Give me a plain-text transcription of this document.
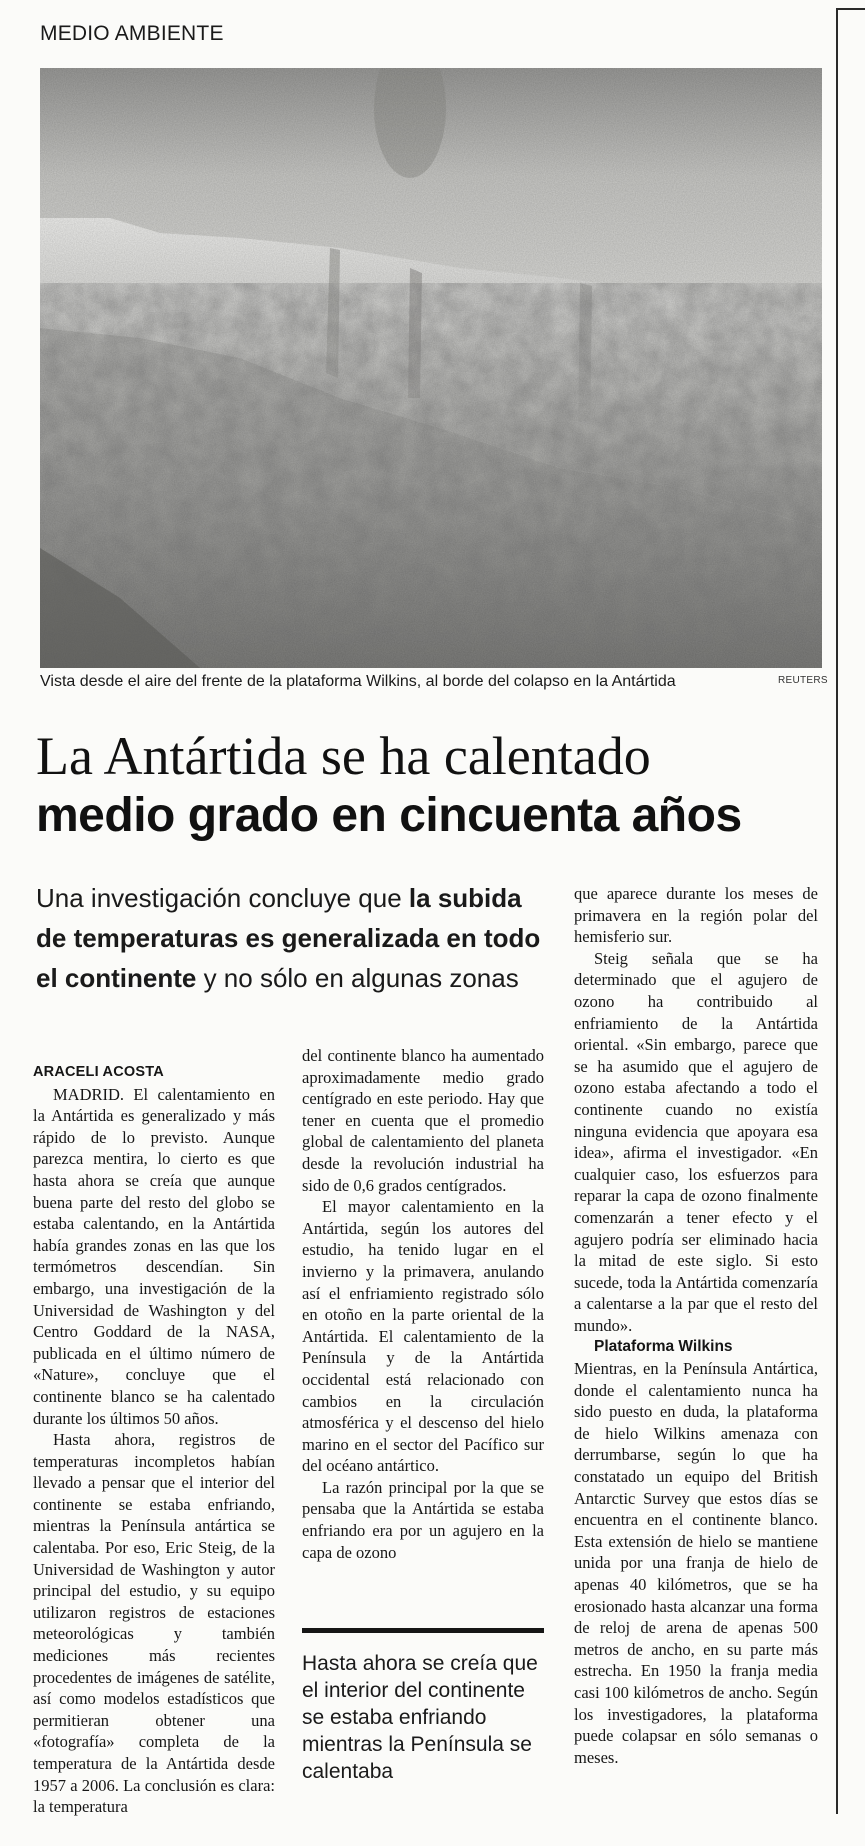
MEDIO AMBIENTE
Vista desde el aire del frente de la plataforma Wilkins, al borde del colapso en la Antártida	REUTERS
La Antártida se ha calentado
medio grado en cincuenta años
Una investigación concluye que la subida de temperaturas es generalizada en todo el continente y no sólo en algunas zonas

ARACELI ACOSTA

MADRID. El calentamiento en la Antártida es generalizado y más rápido de lo previsto. Aunque parezca mentira, lo cierto es que hasta ahora se creía que aunque buena parte del resto del globo se estaba calentando, en la Antártida había grandes zonas en las que los termómetros descendían. Sin embargo, una investigación de la Universidad de Washington y del Centro Goddard de la NASA, publicada en el último número de «Nature», concluye que el continente blanco se ha calentado durante los últimos 50 años.

Hasta ahora, registros de temperaturas incompletos habían llevado a pensar que el interior del continente se estaba enfriando, mientras la Península antártica se calentaba. Por eso, Eric Steig, de la Universidad de Washington y autor principal del estudio, y su equipo utilizaron registros de estaciones meteorológicas y también mediciones más recientes procedentes de imágenes de satélite, así como modelos estadísticos que permitieran obtener una «fotografía» completa de la temperatura de la Antártida desde 1957 a 2006. La conclusión es clara: la temperatura

del continente blanco ha aumentado aproximadamente medio grado centígrado en este periodo. Hay que tener en cuenta que el promedio global de calentamiento del planeta desde la revolución industrial ha sido de 0,6 grados centígrados.

El mayor calentamiento en la Antártida, según los autores del estudio, ha tenido lugar en el invierno y la primavera, anulando así el enfriamiento registrado sólo en otoño en la parte oriental de la Antártida. El calentamiento de la Península y de la Antártida occidental está relacionado con cambios en la circulación atmosférica y el descenso del hielo marino en el sector del Pacífico sur del océano antártico.

La razón principal por la que se pensaba que la Antártida se estaba enfriando era por un agujero en la capa de ozono

Hasta ahora se creía que el interior del continente se estaba enfriando mientras la Península se calentaba

que aparece durante los meses de primavera en la región polar del hemisferio sur.

Steig señala que se ha determinado que el agujero de ozono ha contribuido al enfriamiento de la Antártida oriental. «Sin embargo, parece que se ha asumido que el agujero de ozono estaba afectando a todo el continente cuando no existía ninguna evidencia que apoyara esa idea», afirma el investigador. «En cualquier caso, los esfuerzos para reparar la capa de ozono finalmente comenzarán a tener efecto y el agujero podría ser eliminado hacia la mitad de este siglo. Si esto sucede, toda la Antártida comenzaría a calentarse a la par que el resto del mundo».

Plataforma Wilkins

Mientras, en la Península Antártica, donde el calentamiento nunca ha sido puesto en duda, la plataforma de hielo Wilkins amenaza con derrumbarse, según lo que ha constatado un equipo del British Antarctic Survey que estos días se encuentra en el continente blanco. Esta extensión de hielo se mantiene unida por una franja de hielo de apenas 40 kilómetros, que se ha erosionado hasta alcanzar una forma de reloj de arena de apenas 500 metros de ancho, en su parte más estrecha. En 1950 la franja media casi 100 kilómetros de ancho. Según los investigadores, la plataforma puede colapsar en sólo semanas o meses.
